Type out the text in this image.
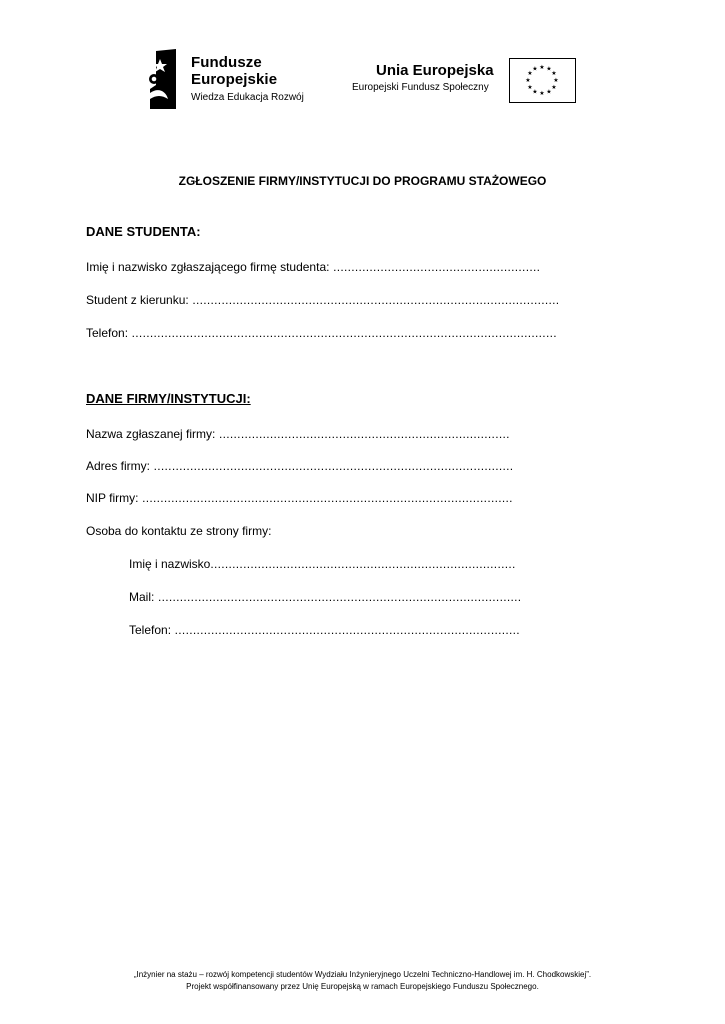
Fundusze
Europejskie
Wiedza Edukacja Rozwój
Unia Europejska
Europejski Fundusz Społeczny
★ ★
★
★
★
★
★
★
★
★
★
★
ZGŁOSZENIE FIRMY/INSTYTUCJI DO PROGRAMU STAŻOWEGO
DANE STUDENTA:
Imię i nazwisko zgłaszającego firmę studenta: .........................................................
Student z kierunku: .....................................................................................................
Telefon: .....................................................................................................................
DANE FIRMY/INSTYTUCJI:
Nazwa zgłaszanej firmy: ................................................................................
Adres firmy: ...................................................................................................
NIP firmy: ......................................................................................................
Osoba do kontaktu ze strony firmy:
Imię i nazwisko....................................................................................
Mail: ....................................................................................................
Telefon: ...............................................................................................
„Inżynier na stażu – rozwój kompetencji studentów Wydziału Inżynieryjnego Uczelni Techniczno-Handlowej im. H. Chodkowskiej”.
Projekt współfinansowany przez Unię Europejską w ramach Europejskiego Funduszu Społecznego.
